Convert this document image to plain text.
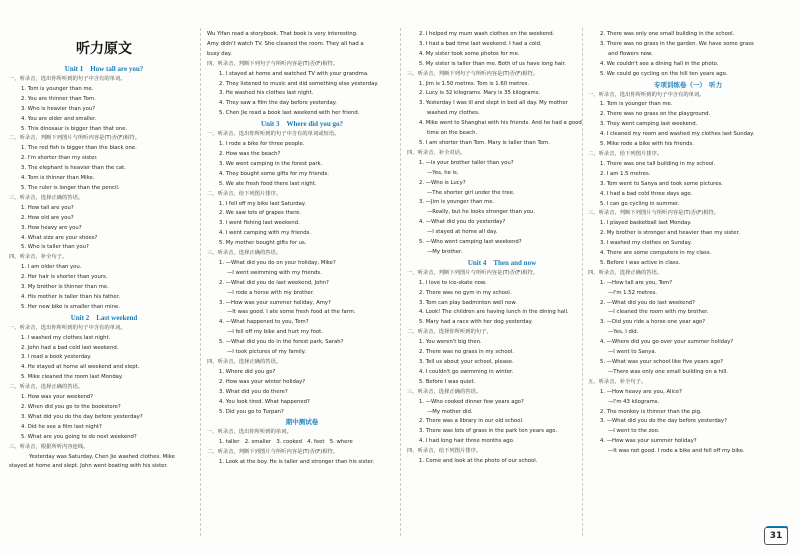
听力原文
Unit 1　How tall are you?
一、听录音，选出你所听到的句子中含有的单词。
1. Tom is younger than me.
2. You are thinner than Tom.
3. Who is heavier than you?
4. You are older and smaller.
5. This dinosaur is bigger than that one.
二、听录音，判断下列图片与所听内容是(T)否(F)相符。
1. The red fish is bigger than the black one.
2. I'm shorter than my sister.
3. The elephant is heavier than the cat.
4. Tom is thinner than Mike.
5. The ruler is longer than the pencil.
三、听录音，选择正确的答语。
1. How tall are you?
2. How old are you?
3. How heavy are you?
4. What size are your shoes?
5. Who is taller than you?
四、听录音，补全句子。
1. I am older than you.
2. Her hair is shorter than yours.
3. My brother is thinner than me.
4. His mother is taller than his father.
5. Her new bike is smaller than mine.
Unit 2　Last weekend
一、听录音，选出你所听到的句子中含有的单词。
1. I washed my clothes last night.
2. John had a bad cold last weekend.
3. I read a book yesterday.
4. He stayed at home all weekend and slept.
5. Mike cleaned the room last Monday.
二、听录音，选择正确的答语。
1. How was your weekend?
2. When did you go to the bookstore?
3. What did you do the day before yesterday?
4. Did he see a film last night?
5. What are you going to do next weekend?
三、听录音，根据所听内容连线。
Yesterday was Saturday. Chen Jie washed clothes. Mike
stayed at home and slept. John went boating with his sister.
Wu Yifan read a storybook. That book is very interesting.
Amy didn't watch TV. She cleaned the room. They all had a
busy day.
四、听录音，判断下列句子与所听内容是(T)否(F)相符。
1. I stayed at home and watched TV with your grandma.
2. They listened to music and did something else yesterday.
3. He washed his clothes last night.
4. They saw a film the day before yesterday.
5. Chen Jie read a book last weekend with her friend.
Unit 3　Where did you go?
一、听录音，选出你所听到的句子中含有的单词或短语。
1. I rode a bike for three people.
2. How was the beach?
3. We went camping in the forest park.
4. They bought some gifts for my friends.
5. We ate fresh food there last night.
二、听录音，给下列图片排序。
1. I fell off my bike last Saturday.
2. We saw lots of grapes there.
3. I went fishing last weekend.
4. I went camping with my friends.
5. My mother bought gifts for us.
三、听录音，选择正确的答语。
1. —What did you do on your holiday, Mike?
—I went swimming with my friends.
2. —What did you do last weekend, John?
—I rode a horse with my brother.
3. —How was your summer holiday, Amy?
—It was good. I ate some fresh food at the farm.
4. —What happened to you, Tom?
—I fell off my bike and hurt my foot.
5. —What did you do in the forest park, Sarah?
—I took pictures of my family.
四、听录音，选择正确的答语。
1. Where did you go?
2. How was your winter holiday?
3. What did you do there?
4. You look tired. What happened?
5. Did you go to Turpan?
期中测试卷
一、听录音，选出你所听到的单词。
1. taller　2. smaller　3. cooked　4. feet　5. where
二、听录音，判断下列图片与所听内容是(T)否(F)相符。
1. Look at the boy. He is taller and stronger than his sister.
2. I helped my mum wash clothes on the weekend.
3. I had a bad time last weekend. I had a cold.
4. My sister took some photos for me.
5. My sister is taller than me. Both of us have long hair.
三、听录音，判断下列句子与所听内容是(T)否(F)相符。
1. Jim is 1.50 metres. Tom is 1.60 metres.
2. Lucy is 32 kilograms. Mary is 35 kilograms.
3. Yesterday I was ill and slept in bed all day. My mother
washed my clothes.
4. Mike went to Shanghai with his friends. And he had a good
time on the beach.
5. I am shorter than Tom. Mary is taller than Tom.
四、听录音，补全对话。
1. —Is your brother taller than you?
—Yes, he is.
2. —Who is Lucy?
—The shorter girl under the tree.
3. —Jim is younger than me.
—Really, but he looks stronger than you.
4. —What did you do yesterday?
—I stayed at home all day.
5. —Who went camping last weekend?
—My brother.
Unit 4　Then and now
一、听录音，判断下列图片与所听内容是(T)否(F)相符。
1. I love to ice-skate now.
2. There was no gym in my school.
3. Tom can play badminton well now.
4. Look! The children are having lunch in the dining hall.
5. Mary had a race with her dog yesterday.
二、听录音，选择你所听到的句子。
1. You weren't big then.
2. There was no grass in my school.
3. Tell us about your school, please.
4. I couldn't go swimming in winter.
5. Before I was quiet.
三、听录音，选择正确的答语。
1. —Who cooked dinner few years ago?
—My mother did.
2. There was a library in our old school.
3. There was lots of grass in the park ten years ago.
4. I had long hair three months ago.
四、听录音，给下列图片排序。
1. Come and look at the photo of our school.
2. There was only one small building in the school.
3. There was no grass in the garden. We have some grass
and flowers now.
4. We couldn't see a dining hall in the photo.
5. We could go cycling on the hill ten years ago.
专项训练卷（一）　听力
一、听录音，选出你所听到的句子中含有的单词。
1. Tom is younger than me.
2. There was no grass on the playground.
3. They went camping last weekend.
4. I cleaned my room and washed my clothes last Sunday.
5. Mike rode a bike with his friends.
二、听录音，给下列图片排序。
1. There was one tall building in my school.
2. I am 1.5 metres.
3. Tom went to Sanya and took some pictures.
4. I had a bad cold three days ago.
5. I can go cycling in summer.
三、听录音，判断下列图片与所听内容是(T)否(F)相符。
1. I played basketball last Monday.
2. My brother is stronger and heavier than my sister.
3. I washed my clothes on Sunday.
4. There are some computers in my class.
5. Before I was active in class.
四、听录音，选择正确的答语。
1. —How tall are you, Tom?
—I'm 1.52 metres.
2. —What did you do last weekend?
—I cleaned the room with my brother.
3. —Did you ride a horse one year ago?
—Yes, I did.
4. —Where did you go over your summer holiday?
—I went to Sanya.
5. —What was your school like five years ago?
—There was only one small building on a hill.
五、听录音，补全句子。
1. —How heavy are you, Alice?
—I'm 43 kilograms.
2. The monkey is thinner than the pig.
3. —What did you do the day before yesterday?
—I went to the zoo.
4. —How was your summer holiday?
—It was not good. I rode a bike and fell off my bike.
31
